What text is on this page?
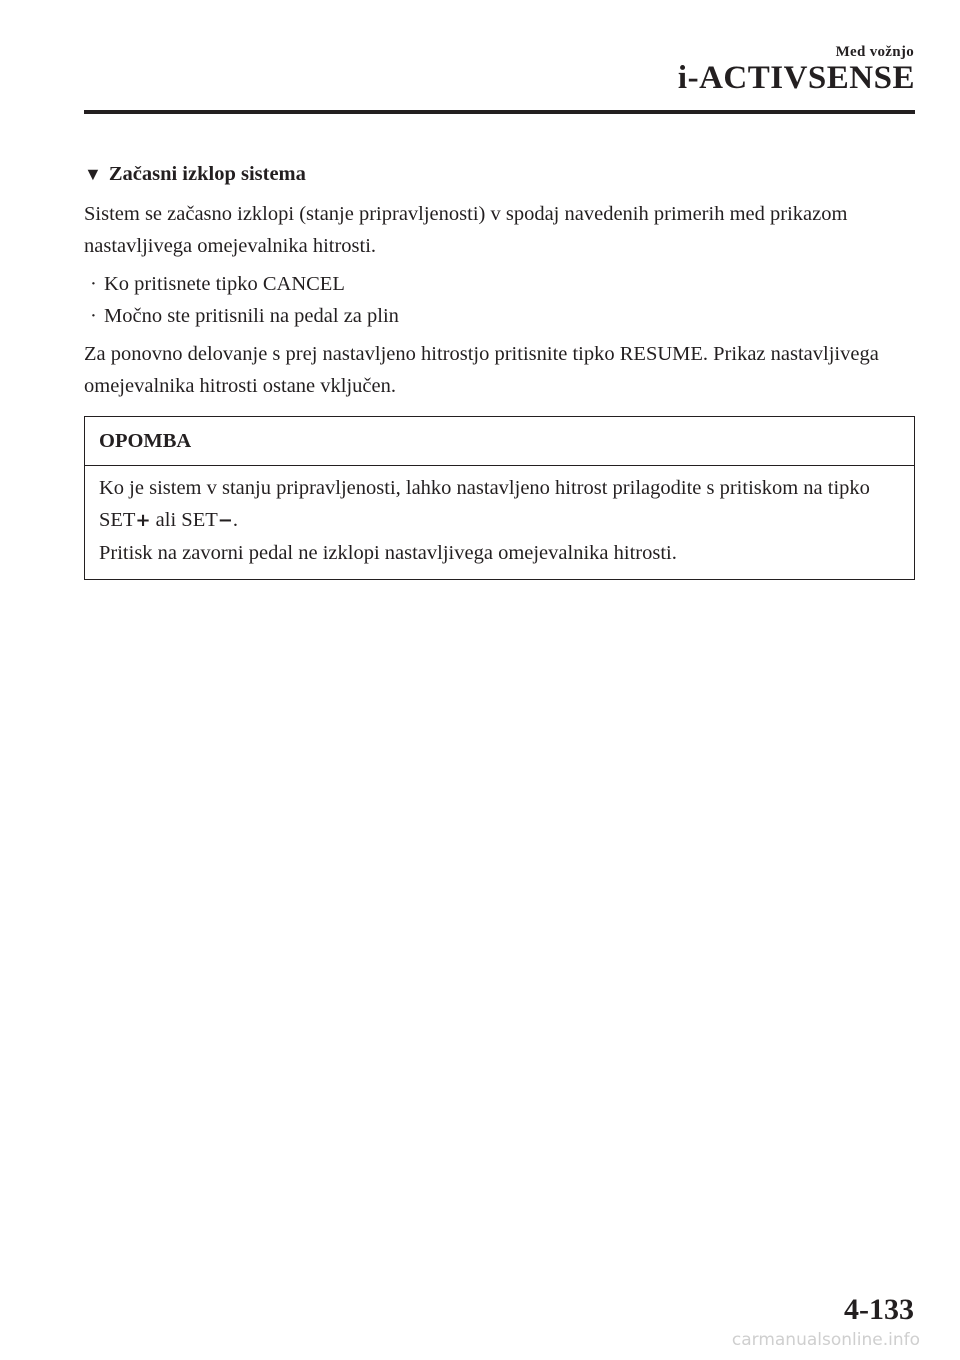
Med vožnjo
i-ACTIVSENSE
▼ Začasni izklop sistema

Sistem se začasno izklopi (stanje pripravljenosti) v spodaj navedenih primerih med prikazom nastavljivega omejevalnika hitrosti.

· Ko pritisnete tipko CANCEL
· Močno ste pritisnili na pedal za plin

Za ponovno delovanje s prej nastavljeno hitrostjo pritisnite tipko RESUME. Prikaz nastavljivega omejevalnika hitrosti ostane vključen.

OPOMBA

Ko je sistem v stanju pripravljenosti, lahko nastavljeno hitrost prilagodite s pritiskom na tipko SET+ ali SET−.

Pritisk na zavorni pedal ne izklopi nastavljivega omejevalnika hitrosti.

4-133
carmanualsonline.info
